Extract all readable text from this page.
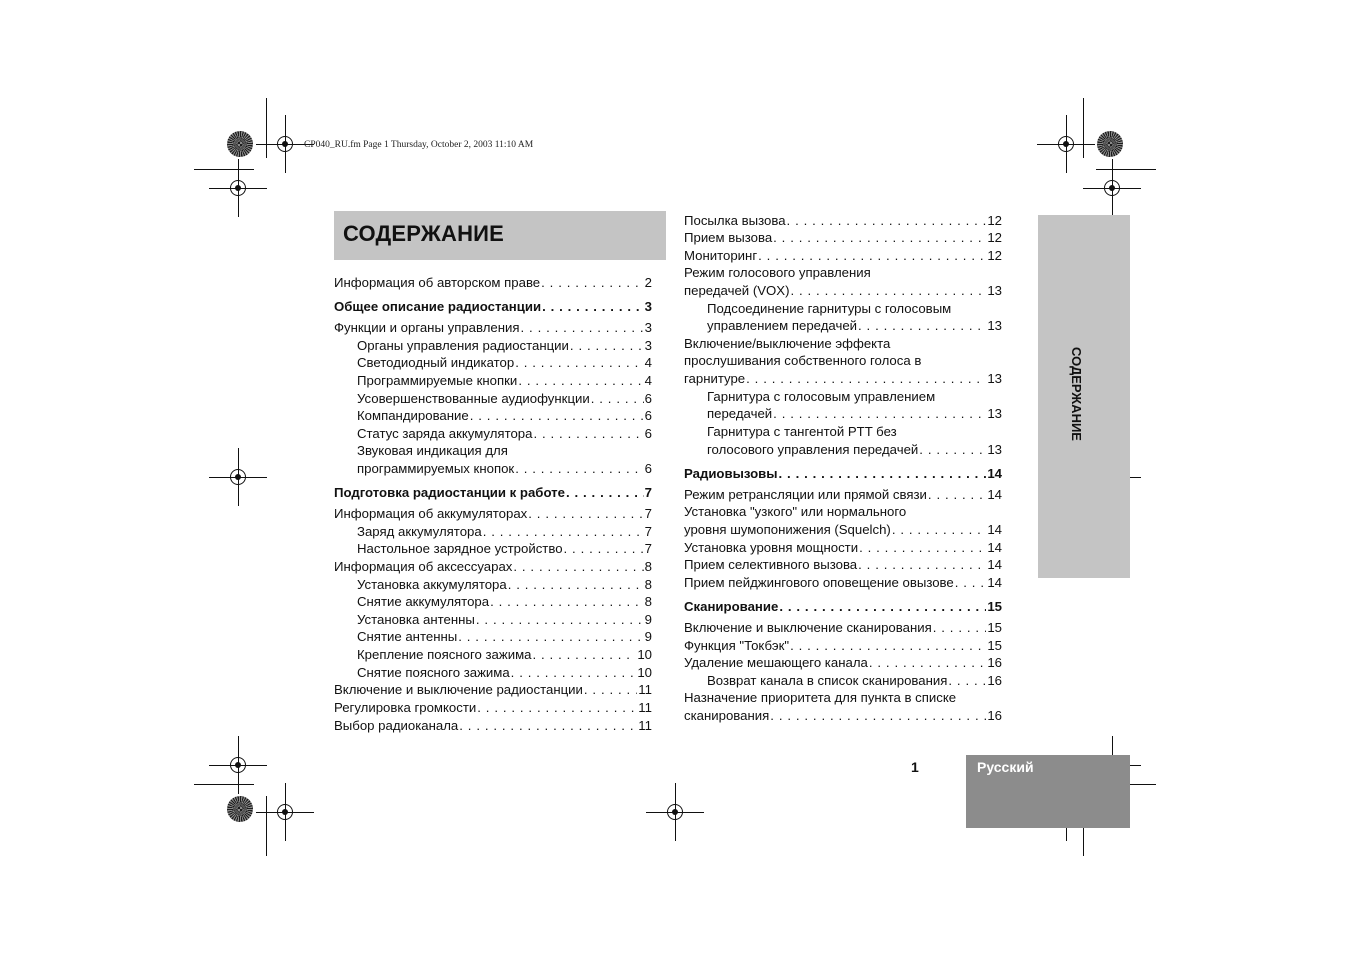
CP040_RU.fm Page 1 Thursday, October 2, 2003 11:10 AM
СОДЕРЖАНИЕ
СОДЕРЖАНИЕ
1	Русский
Информация об авторском праве . . .	2
Общее описание радиостанции . . .	3
Функции и органы управления . . .	3
Органы управления радиостанции . . .	3
Светодиодный индикатор . . .	4
Программируемые кнопки . . .	4
Усовершенствованные аудиофункции . . .	6
Компандирование . . .	6
Статус заряда аккумулятора . . .	6
Звуковая индикация для
программируемых кнопок . . .	6
Подготовка радиостанции к работе . . .	7
Информация об аккумуляторах . . .	7
Заряд аккумулятора . . .	7
Настольное зарядное устройство . . .	7
Информация об аксессуарах . . .	8
Установка аккумулятора . . .	8
Снятие аккумулятора . . .	8
Установка антенны . . .	9
Снятие антенны . . .	9
Крепление поясного зажима . . .	10
Снятие поясного зажима . . .	10
Включение и выключение радиостанции . . .	11
Регулировка громкости . . .	11
Выбор радиоканала . . .	11
Посылка вызова . . .	12
Прием вызова . . .	12
Мониторинг . . .	12
Режим голосового управления
передачей (VOX) . . .	13
Подсоединение гарнитуры с голосовым
управлением передачей . . .	13
Включение/выключение эффекта
прослушивания собственного голоса в
гарнитуре . . .	13
Гарнитура с голосовым управлением
передачей . . .	13
Гарнитура с тангентой PTT без
голосового управления передачей . . .	13
Радиовызовы . . .	14
Режим ретрансляции или прямой связи . . .	14
Установка "узкого" или нормального
уровня шумопонижения (Squelch) . . .	14
Установка уровня мощности . . .	14
Прием селективного вызова . . .	14
Прием пейджингового оповещение овызове . . .	14
Сканирование . . .	15
Включение и выключение сканирования . . .	15
Функция "Токбэк" . . .	15
Удаление мешающего канала . . .	16
Возврат канала в список сканирования . . .	16
Назначение приоритета для пункта в списке
сканирования . . .	16
